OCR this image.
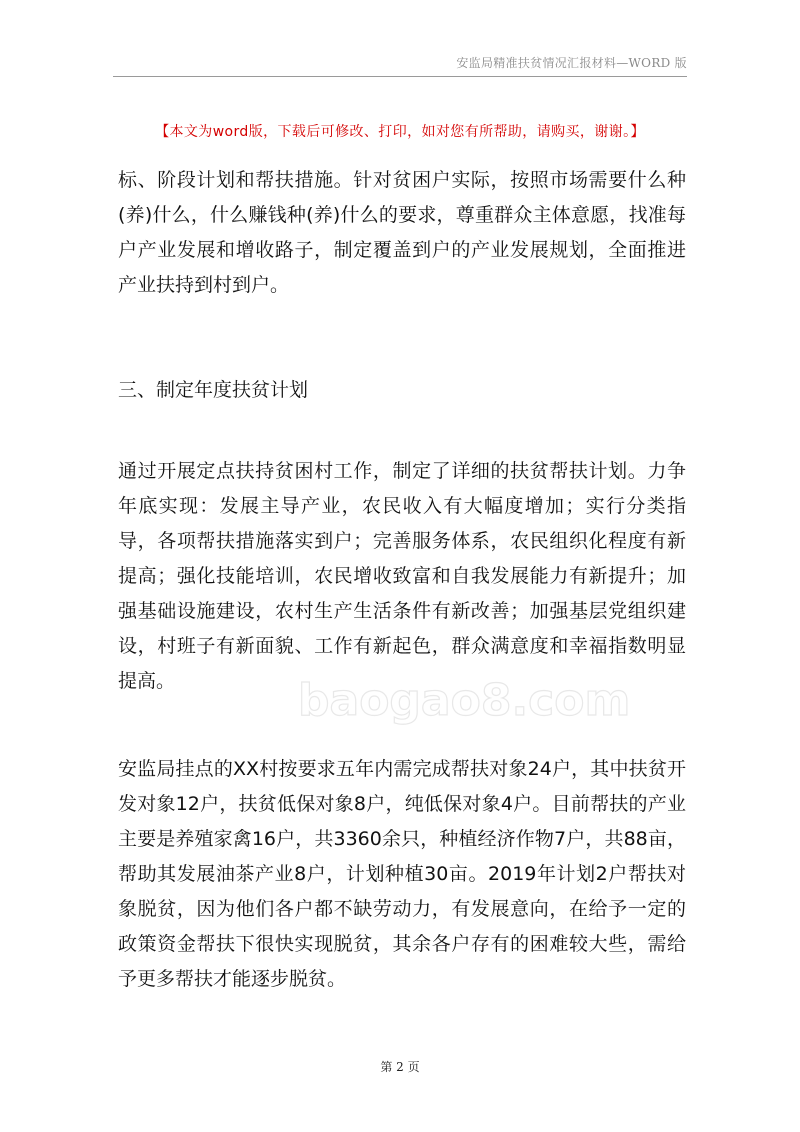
安监局精准扶贫情况汇报材料—WORD 版
【本文为word版，下载后可修改、打印，如对您有所帮助，请购买，谢谢。】

标、阶段计划和帮扶措施。针对贫困户实际，按照市场需要什么种(养)什么，什么赚钱种(养)什么的要求，尊重群众主体意愿，找准每户产业发展和增收路子，制定覆盖到户的产业发展规划，全面推进产业扶持到村到户。

三、制定年度扶贫计划

通过开展定点扶持贫困村工作，制定了详细的扶贫帮扶计划。力争年底实现：发展主导产业，农民收入有大幅度增加；实行分类指导，各项帮扶措施落实到户；完善服务体系，农民组织化程度有新提高；强化技能培训，农民增收致富和自我发展能力有新提升；加强基础设施建设，农村生产生活条件有新改善；加强基层党组织建设，村班子有新面貌、工作有新起色，群众满意度和幸福指数明显提高。

安监局挂点的XX村按要求五年内需完成帮扶对象24户，其中扶贫开发对象12户，扶贫低保对象8户，纯低保对象4户。目前帮扶的产业主要是养殖家禽16户，共3360余只，种植经济作物7户，共88亩，帮助其发展油茶产业8户，计划种植30亩。2019年计划2户帮扶对象脱贫，因为他们各户都不缺劳动力，有发展意向，在给予一定的政策资金帮扶下很快实现脱贫，其余各户存有的困难较大些，需给予更多帮扶才能逐步脱贫。

baogao8.com
第 2 页
